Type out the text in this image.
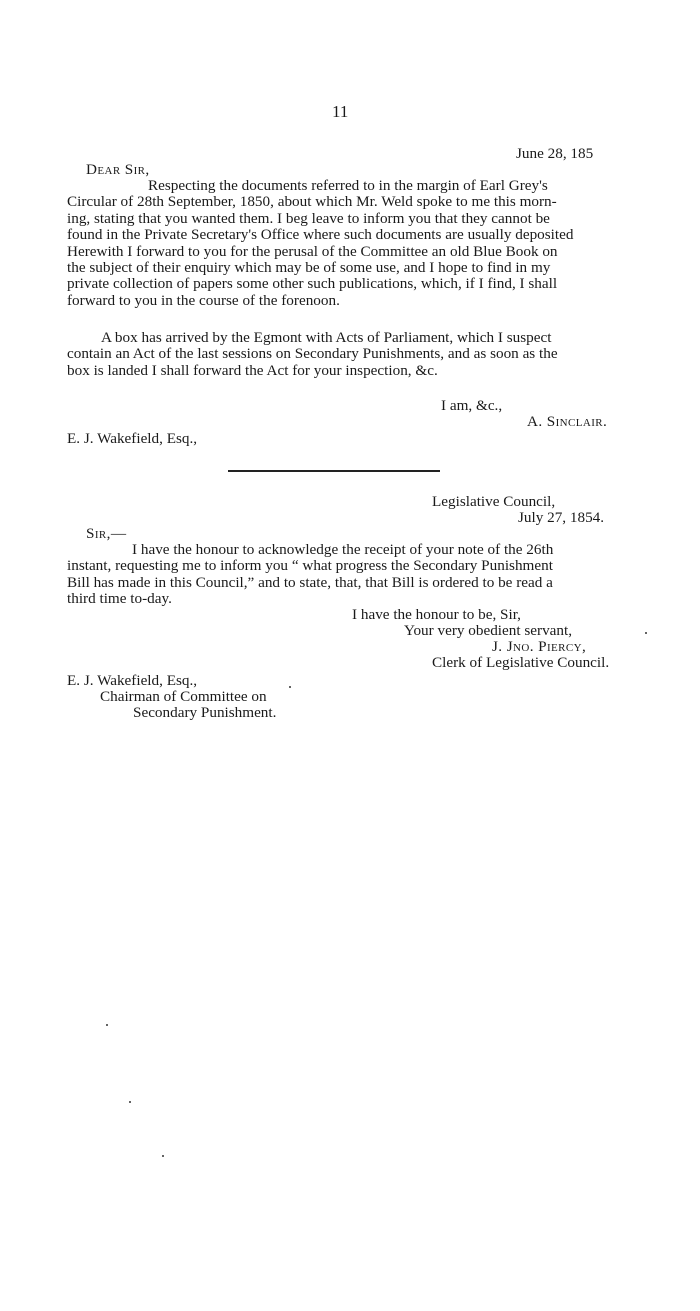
11
June 28, 185
Dear Sir,
Respecting the documents referred to in the margin of Earl Grey's
Circular of 28th September, 1850, about which Mr. Weld spoke to me this morn-
ing, stating that you wanted them. I beg leave to inform you that they cannot be
found in the Private Secretary's Office where such documents are usually deposited
Herewith I forward to you for the perusal of the Committee an old Blue Book on
the subject of their enquiry which may be of some use, and I hope to find in my
private collection of papers some other such publications, which, if I find, I shall
forward to you in the course of the forenoon.
A box has arrived by the Egmont with Acts of Parliament, which I suspect
contain an Act of the last sessions on Secondary Punishments, and as soon as the
box is landed I shall forward the Act for your inspection, &c.
I am, &c.,
A. Sinclair.
E. J. Wakefield, Esq.,
Legislative Council,
July 27, 1854.
Sir,—
I have the honour to acknowledge the receipt of your note of the 26th
instant, requesting me to inform you “ what progress the Secondary Punishment
Bill has made in this Council,” and to state, that, that Bill is ordered to be read a
third time to-day.
I have the honour to be, Sir,
Your very obedient servant,
J. Jno. Piercy,
Clerk of Legislative Council.
E. J. Wakefield, Esq.,
Chairman of Committee on
Secondary Punishment.
